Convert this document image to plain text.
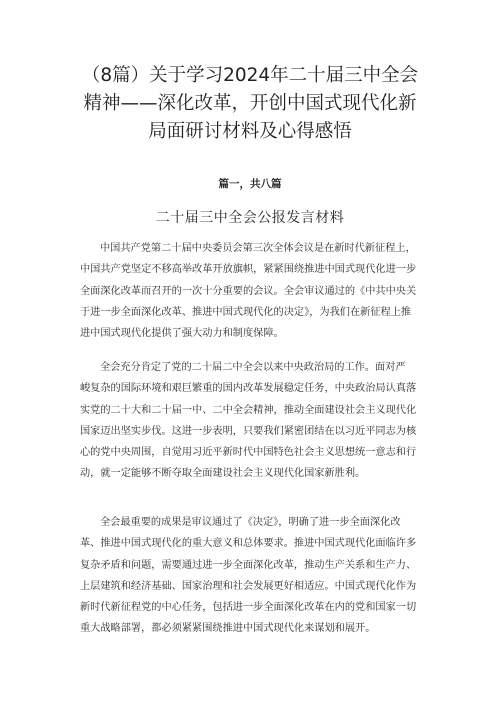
（8篇）关于学习2024年二十届三中全会
精神——深化改革，开创中国式现代化新
局面研讨材料及心得感悟
篇一，共八篇
二十届三中全会公报发言材料

中国共产党第二十届中央委员会第三次全体会议是在新时代新征程上，
中国共产党坚定不移高举改革开放旗帜，紧紧围绕推进中国式现代化进一步
全面深化改革而召开的一次十分重要的会议。全会审议通过的《中共中央关
于进一步全面深化改革、推进中国式现代化的决定》，为我们在新征程上推
进中国式现代化提供了强大动力和制度保障。

全会充分肯定了党的二十届二中全会以来中央政治局的工作。面对严
峻复杂的国际环境和艰巨繁重的国内改革发展稳定任务，中央政治局认真落
实党的二十大和二十届一中、二中全会精神，推动全面建设社会主义现代化
国家迈出坚实步伐。这进一步表明，只要我们紧密团结在以习近平同志为核
心的党中央周围，自觉用习近平新时代中国特色社会主义思想统一意志和行
动，就一定能够不断夺取全面建设社会主义现代化国家新胜利。

全会最重要的成果是审议通过了《决定》，明确了进一步全面深化改
革、推进中国式现代化的重大意义和总体要求。推进中国式现代化面临许多
复杂矛盾和问题，需要通过进一步全面深化改革，推动生产关系和生产力、
上层建筑和经济基础、国家治理和社会发展更好相适应。中国式现代化作为
新时代新征程党的中心任务，包括进一步全面深化改革在内的党和国家一切
重大战略部署，都必须紧紧围绕推进中国式现代化来谋划和展开。
